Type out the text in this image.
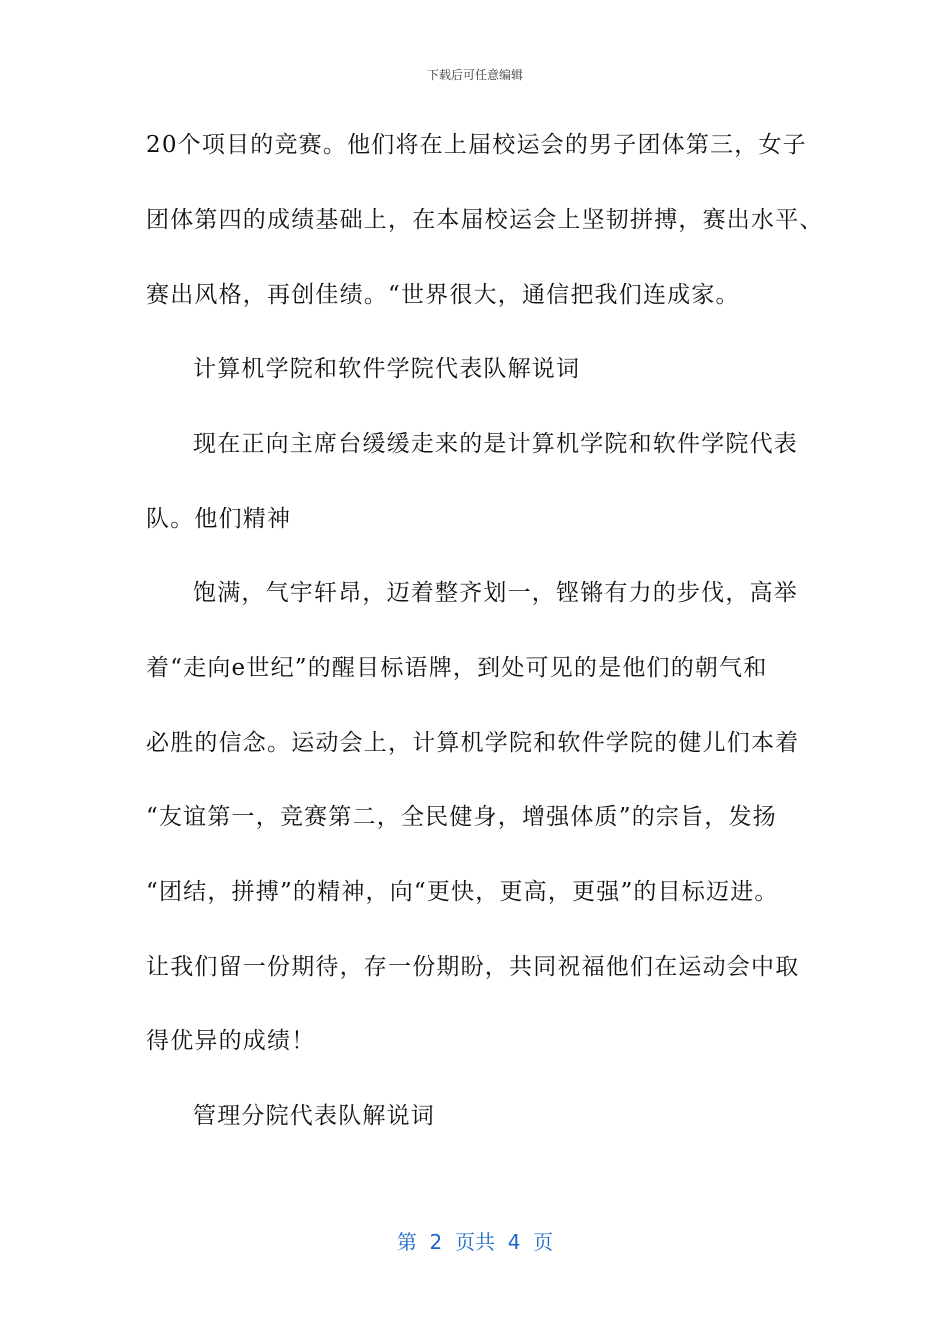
下载后可任意编辑
20个项目的竞赛。他们将在上届校运会的男子团体第三，女子
团体第四的成绩基础上，在本届校运会上坚韧拼搏，赛出水平、
赛出风格，再创佳绩。“世界很大，通信把我们连成家。
计算机学院和软件学院代表队解说词
现在正向主席台缓缓走来的是计算机学院和软件学院代表
队。他们精神
饱满，气宇轩昂，迈着整齐划一，铿锵有力的步伐，高举
着“走向e世纪”的醒目标语牌，到处可见的是他们的朝气和
必胜的信念。运动会上，计算机学院和软件学院的健儿们本着
“友谊第一，竞赛第二，全民健身，增强体质”的宗旨，发扬
“团结，拼搏”的精神，向“更快，更高，更强”的目标迈进。
让我们留一份期待，存一份期盼，共同祝福他们在运动会中取
得优异的成绩！
管理分院代表队解说词
第  2  页共  4  页
